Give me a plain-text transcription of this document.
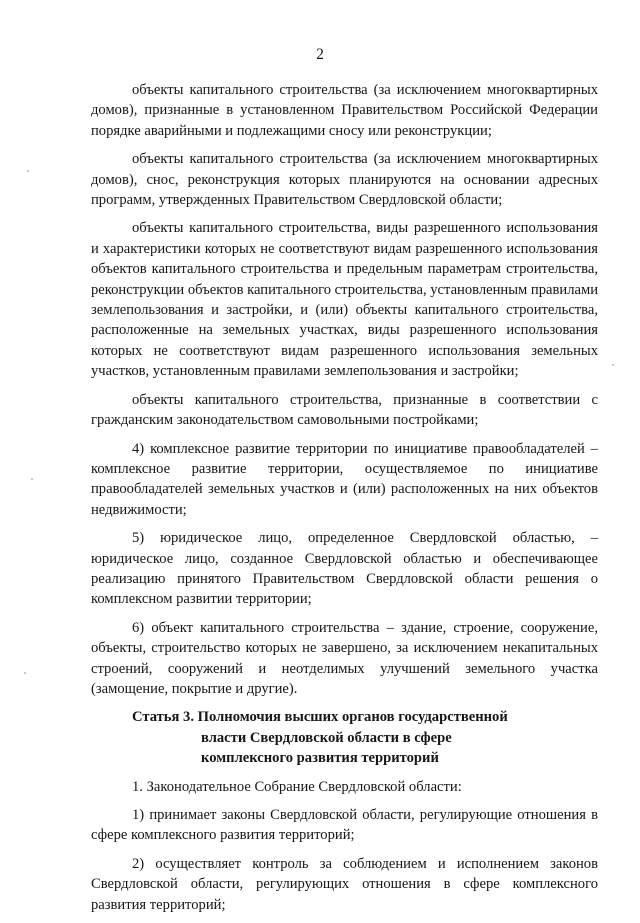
2

объекты капитального строительства (за исключением многоквартирных домов), признанные в установленном Правительством Российской Федерации порядке аварийными и подлежащими сносу или реконструкции;

объекты капитального строительства (за исключением многоквартирных домов), снос, реконструкция которых планируются на основании адресных программ, утвержденных Правительством Свердловской области;

объекты капитального строительства, виды разрешенного использования и характеристики которых не соответствуют видам разрешенного использования объектов капитального строительства и предельным параметрам строительства, реконструкции объектов капитального строительства, установленным правилами землепользования и застройки, и (или) объекты капитального строительства, расположенные на земельных участках, виды разрешенного использования которых не соответствуют видам разрешенного использования земельных участков, установленным правилами землепользования и застройки;

объекты капитального строительства, признанные в соответствии с гражданским законодательством самовольными постройками;

4) комплексное развитие территории по инициативе правообладателей – комплексное развитие территории, осуществляемое по инициативе правообладателей земельных участков и (или) расположенных на них объектов недвижимости;

5) юридическое лицо, определенное Свердловской областью, – юридическое лицо, созданное Свердловской областью и обеспечивающее реализацию принятого Правительством Свердловской области решения о комплексном развитии территории;

6) объект капитального строительства – здание, строение, сооружение, объекты, строительство которых не завершено, за исключением некапитальных строений, сооружений и неотделимых улучшений земельного участка (замощение, покрытие и другие).

Статья 3. Полномочия высших органов государственной
власти Свердловской области в сфере
комплексного развития территорий

1. Законодательное Собрание Свердловской области:

1) принимает законы Свердловской области, регулирующие отношения в сфере комплексного развития территорий;

2) осуществляет контроль за соблюдением и исполнением законов Свердловской области, регулирующих отношения в сфере комплексного развития территорий;
